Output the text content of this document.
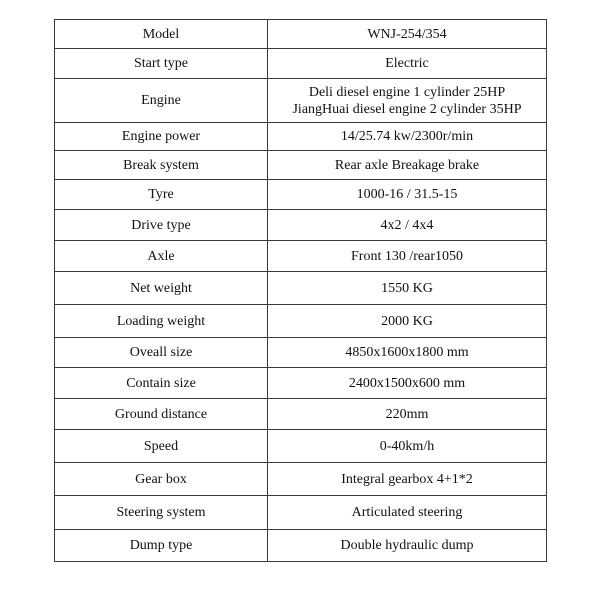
Model	WNJ-254/354
Start type	Electric
Engine	Deli diesel engine 1 cylinder 25HP
JiangHuai diesel engine 2 cylinder 35HP

Engine power	14/25.74 kw/2300r/min
Break system	Rear axle Breakage brake
Tyre	1000-16 / 31.5-15
Drive type	4x2 / 4x4
Axle	Front 130 /rear1050
Net weight	1550 KG
Loading weight	2000 KG
Oveall size	4850x1600x1800 mm
Contain size	2400x1500x600 mm
Ground distance	220mm
Speed	0-40km/h
Gear box	Integral gearbox 4+1*2
Steering system	Articulated steering
Dump type	Double hydraulic dump
